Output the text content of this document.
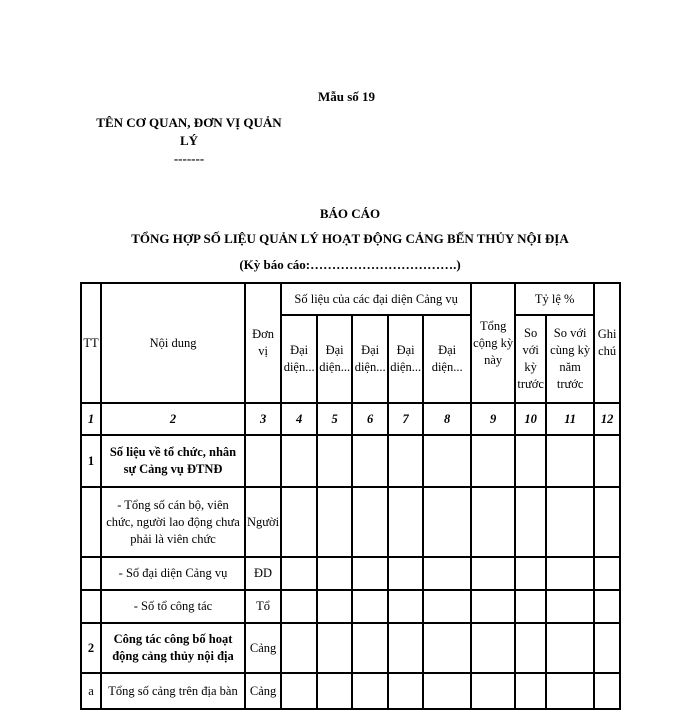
Mẫu số 19
TÊN CƠ QUAN, ĐƠN VỊ QUẢN
LÝ
-------
BÁO CÁO
TỔNG HỢP SỐ LIỆU QUẢN LÝ HOẠT ĐỘNG CẢNG BẾN THỦY NỘI ĐỊA
(Kỳ báo cáo:…………………………….)
TT	Nội dung	Đơn vị	Số liệu của các đại diện Cảng vụ					Tổng cộng kỳ này	Tỷ lệ %		Ghi chú
			Đại diện...	Đại diện...	Đại diện...	Đại diện...	Đại diện...		So với kỳ trước	So với cùng kỳ năm trước	
1	2	3	4	5	6	7	8	9	10	11	12
1	Số liệu về tổ chức, nhân sự Cảng vụ ĐTNĐ										
	- Tổng số cán bộ, viên chức, người lao động chưa phải là viên chức	Người									
	- Số đại diện Cảng vụ	ĐD									
	- Số tổ công tác	Tổ									
2	Công tác công bố hoạt động cảng thủy nội địa	Cảng									
a	Tổng số cảng trên địa bàn	Cảng									
